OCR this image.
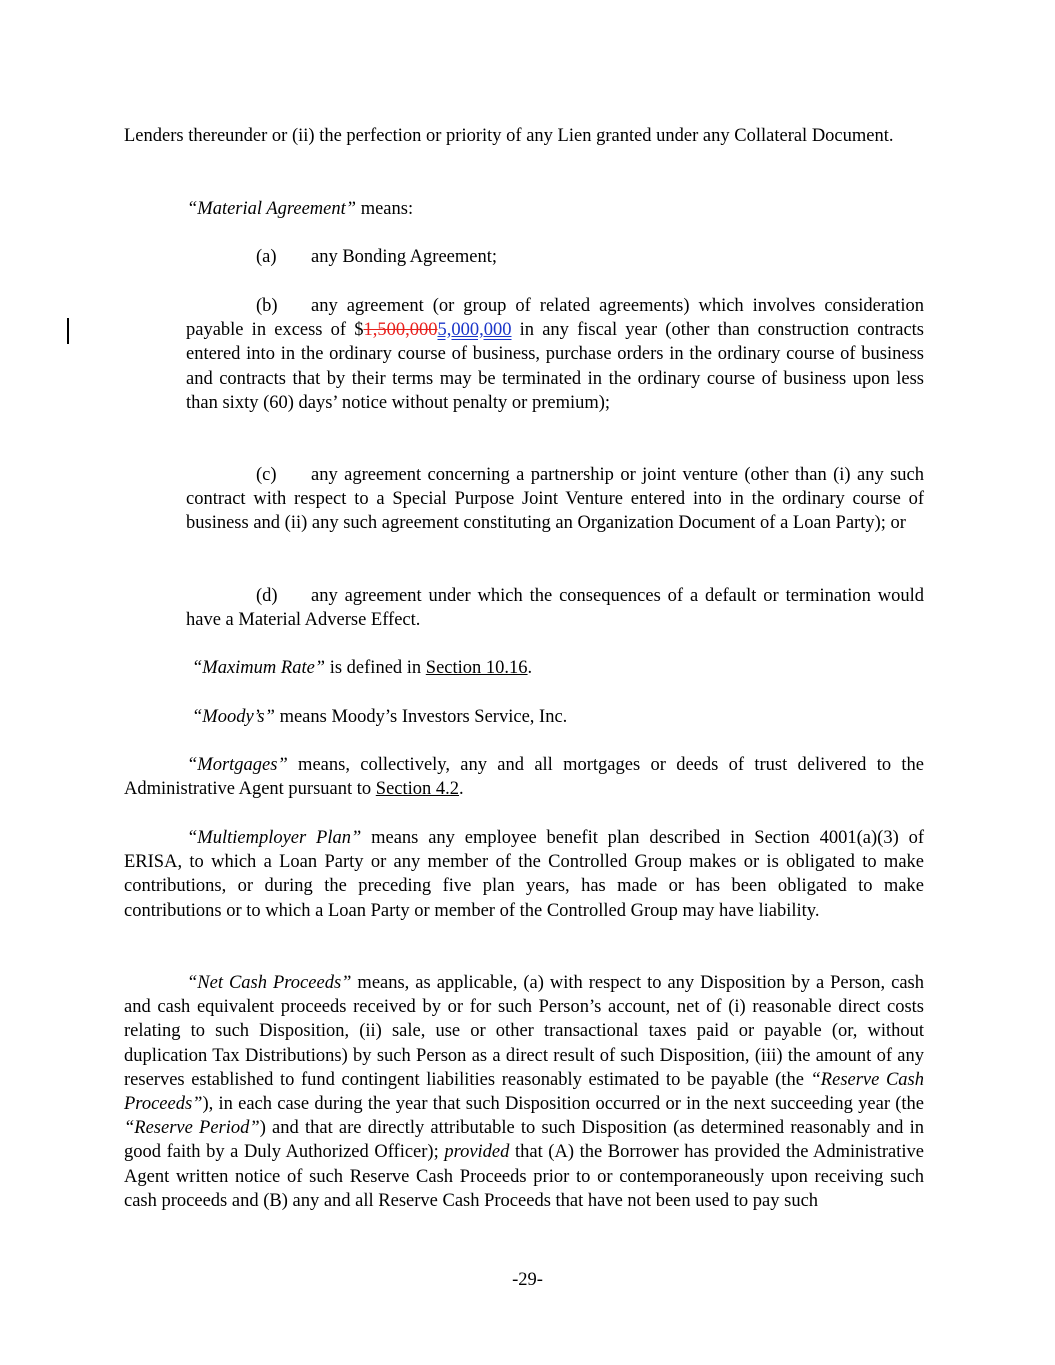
Lenders thereunder or (ii) the perfection or priority of any Lien granted under any Collateral Document.

“Material Agreement” means:

(a) any Bonding Agreement;

(b) any agreement (or group of related agreements) which involves consideration payable in excess of $1,500,0005,000,000 in any fiscal year (other than construction contracts entered into in the ordinary course of business, purchase orders in the ordinary course of business and contracts that by their terms may be terminated in the ordinary course of business upon less than sixty (60) days’ notice without penalty or premium);

(c) any agreement concerning a partnership or joint venture (other than (i) any such contract with respect to a Special Purpose Joint Venture entered into in the ordinary course of business and (ii) any such agreement constituting an Organization Document of a Loan Party); or

(d) any agreement under which the consequences of a default or termination would have a Material Adverse Effect.

“Maximum Rate” is defined in Section 10.16.

“Moody’s” means Moody’s Investors Service, Inc.

“Mortgages” means, collectively, any and all mortgages or deeds of trust delivered to the Administrative Agent pursuant to Section 4.2.

“Multiemployer Plan” means any employee benefit plan described in Section 4001(a)(3) of ERISA, to which a Loan Party or any member of the Controlled Group makes or is obligated to make contributions, or during the preceding five plan years, has made or has been obligated to make contributions or to which a Loan Party or member of the Controlled Group may have liability.

“Net Cash Proceeds” means, as applicable, (a) with respect to any Disposition by a Person, cash and cash equivalent proceeds received by or for such Person’s account, net of (i) reasonable direct costs relating to such Disposition, (ii) sale, use or other transactional taxes paid or payable (or, without duplication Tax Distributions) by such Person as a direct result of such Disposition, (iii) the amount of any reserves established to fund contingent liabilities reasonably estimated to be payable (the “Reserve Cash Proceeds”), in each case during the year that such Disposition occurred or in the next succeeding year (the “Reserve Period”) and that are directly attributable to such Disposition (as determined reasonably and in good faith by a Duly Authorized Officer); provided that (A) the Borrower has provided the Administrative Agent written notice of such Reserve Cash Proceeds prior to or contemporaneously upon receiving such cash proceeds and (B) any and all Reserve Cash Proceeds that have not been used to pay such

-29-
